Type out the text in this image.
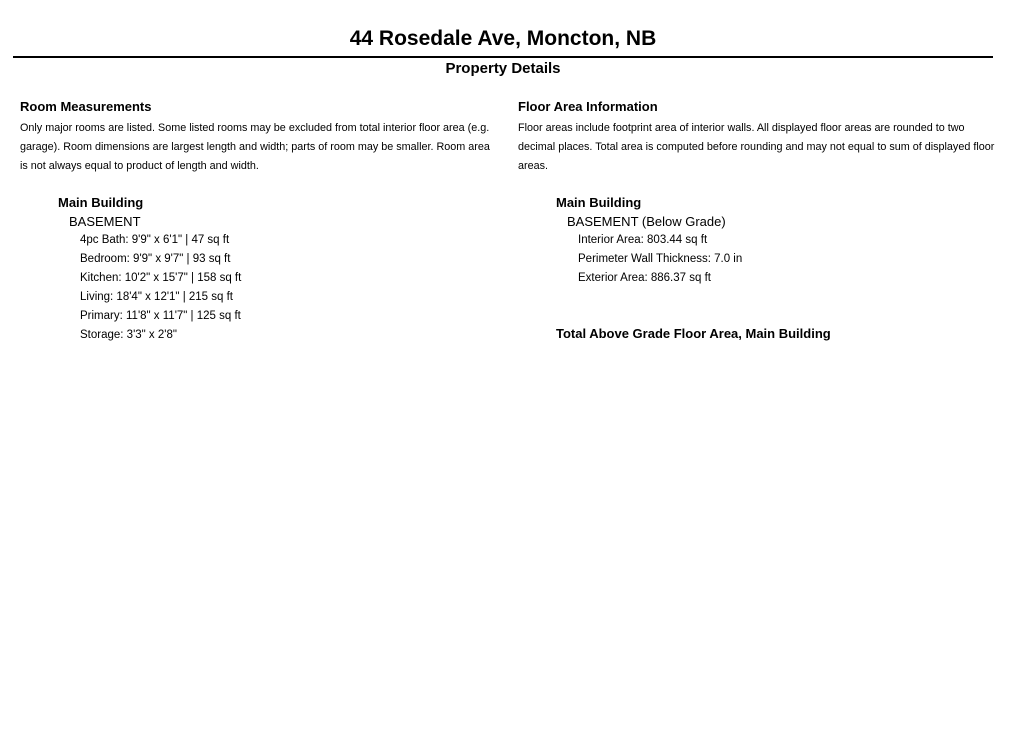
44 Rosedale Ave, Moncton, NB
Property Details
Room Measurements
Only major rooms are listed. Some listed rooms may be excluded from total interior floor area (e.g. garage). Room dimensions are largest length and width; parts of room may be smaller. Room area is not always equal to product of length and width.
Main Building
BASEMENT
4pc Bath: 9'9" x 6'1" | 47 sq ft
Bedroom: 9'9" x 9'7" | 93 sq ft
Kitchen: 10'2" x 15'7" | 158 sq ft
Living: 18'4" x 12'1" | 215 sq ft
Primary: 11'8" x 11'7" | 125 sq ft
Storage: 3'3" x 2'8"
Floor Area Information
Floor areas include footprint area of interior walls. All displayed floor areas are rounded to two decimal places. Total area is computed before rounding and may not equal to sum of displayed floor areas.
Main Building
BASEMENT (Below Grade)
Interior Area: 803.44 sq ft
Perimeter Wall Thickness: 7.0 in
Exterior Area: 886.37 sq ft
Total Above Grade Floor Area, Main Building
